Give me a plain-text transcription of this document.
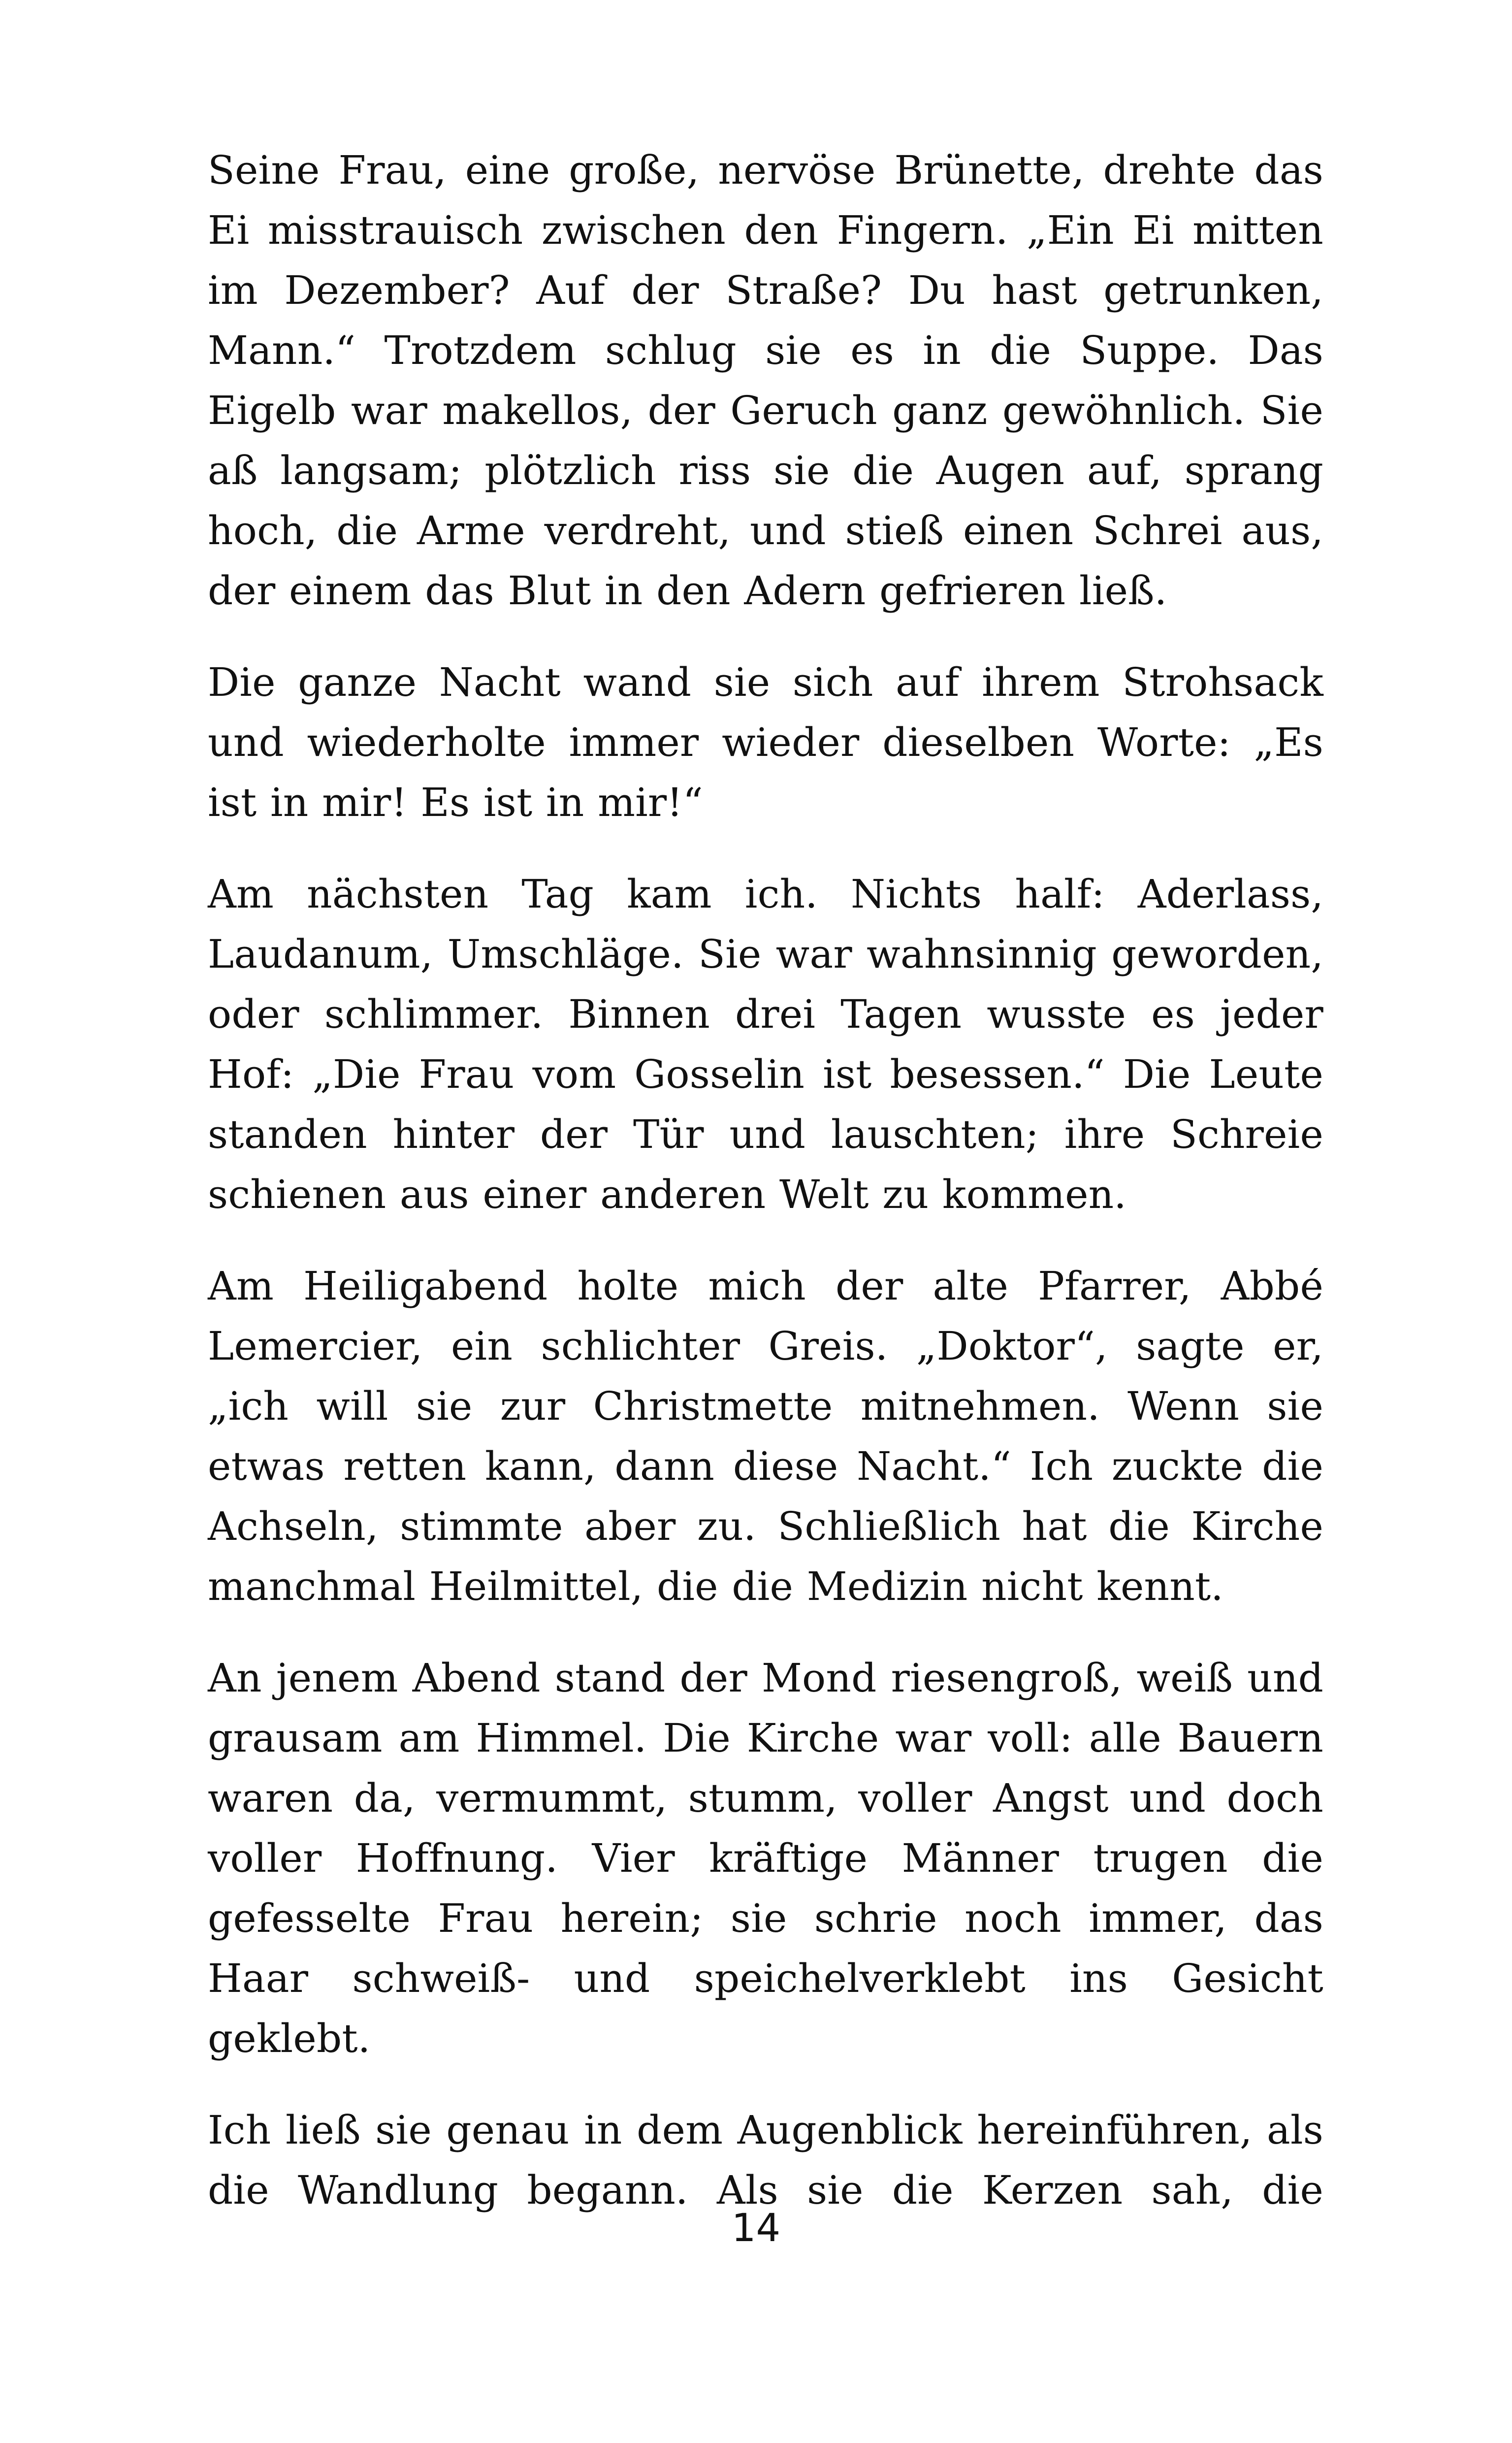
Seine Frau, eine große, nervöse Brünette, drehte das Ei misstrauisch zwischen den Fingern. „Ein Ei mitten im Dezember? Auf der Straße? Du hast getrunken, Mann.“ Trotzdem schlug sie es in die Suppe. Das Eigelb war makellos, der Geruch ganz gewöhnlich. Sie aß langsam; plötzlich riss sie die Augen auf, sprang hoch, die Arme verdreht, und stieß einen Schrei aus, der einem das Blut in den Adern gefrieren ließ.

Die ganze Nacht wand sie sich auf ihrem Strohsack und wiederholte immer wieder dieselben Worte: „Es ist in mir! Es ist in mir!“

Am nächsten Tag kam ich. Nichts half: Aderlass, Laudanum, Umschläge. Sie war wahnsinnig geworden, oder schlimmer. Binnen drei Tagen wusste es jeder Hof: „Die Frau vom Gosselin ist besessen.“ Die Leute standen hinter der Tür und lauschten; ihre Schreie schienen aus einer anderen Welt zu kommen.

Am Heiligabend holte mich der alte Pfarrer, Abbé Lemercier, ein schlichter Greis. „Doktor“, sagte er, „ich will sie zur Christmette mitnehmen. Wenn sie etwas retten kann, dann diese Nacht.“ Ich zuckte die Achseln, stimmte aber zu. Schließlich hat die Kirche manchmal Heilmittel, die die Medizin nicht kennt.

An jenem Abend stand der Mond riesengroß, weiß und grausam am Himmel. Die Kirche war voll: alle Bauern waren da, vermummt, stumm, voller Angst und doch voller Hoffnung. Vier kräftige Männer trugen die gefesselte Frau herein; sie schrie noch immer, das Haar schweiß- und speichelverklebt ins Gesicht geklebt.

Ich ließ sie genau in dem Augenblick hereinführen, als die Wandlung begann. Als sie die Kerzen sah, die

14
